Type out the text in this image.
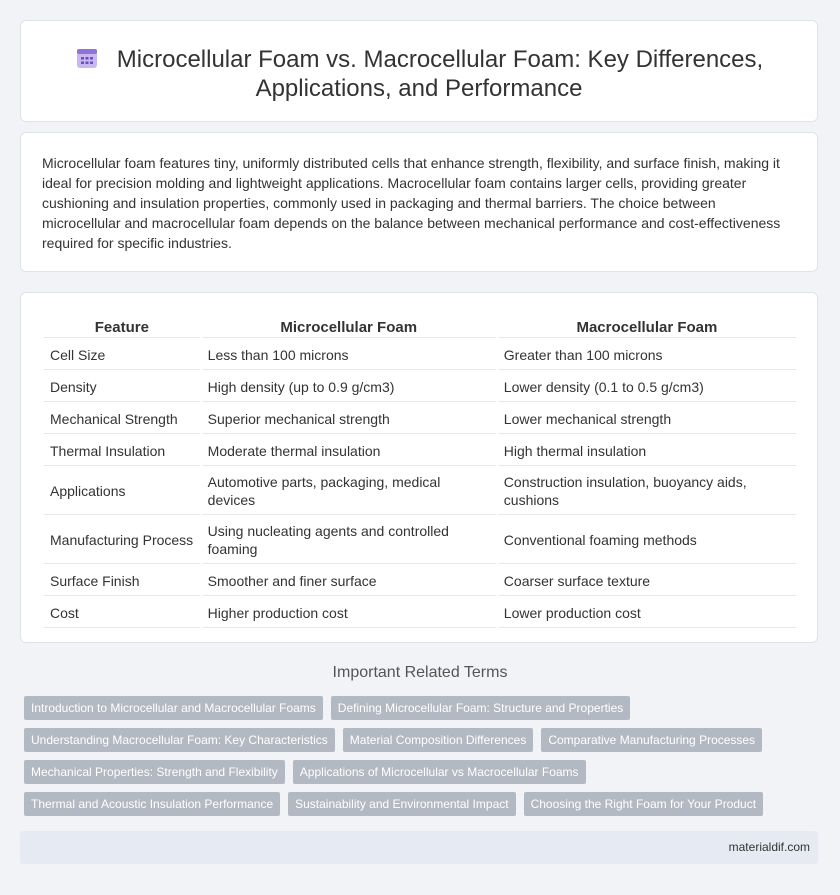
Microcellular Foam vs. Macrocellular Foam: Key Differences, Applications, and Performance

Microcellular foam features tiny, uniformly distributed cells that enhance strength, flexibility, and surface finish, making it ideal for precision molding and lightweight applications. Macrocellular foam contains larger cells, providing greater cushioning and insulation properties, commonly used in packaging and thermal barriers. The choice between microcellular and macrocellular foam depends on the balance between mechanical performance and cost-effectiveness required for specific industries.

Feature	Microcellular Foam	Macrocellular Foam
Cell Size	Less than 100 microns	Greater than 100 microns
Density	High density (up to 0.9 g/cm3)	Lower density (0.1 to 0.5 g/cm3)
Mechanical Strength	Superior mechanical strength	Lower mechanical strength
Thermal Insulation	Moderate thermal insulation	High thermal insulation
Applications	Automotive parts, packaging, medical devices	Construction insulation, buoyancy aids, cushions
Manufacturing Process	Using nucleating agents and controlled foaming	Conventional foaming methods
Surface Finish	Smoother and finer surface	Coarser surface texture
Cost	Higher production cost	Lower production cost
Important Related Terms
Introduction to Microcellular and Macrocellular Foams	Defining Microcellular Foam: Structure and Properties
Understanding Macrocellular Foam: Key Characteristics	Material Composition Differences	Comparative Manufacturing Processes
Mechanical Properties: Strength and Flexibility	Applications of Microcellular vs Macrocellular Foams
Thermal and Acoustic Insulation Performance	Sustainability and Environmental Impact	Choosing the Right Foam for Your Product
materialdif.com
